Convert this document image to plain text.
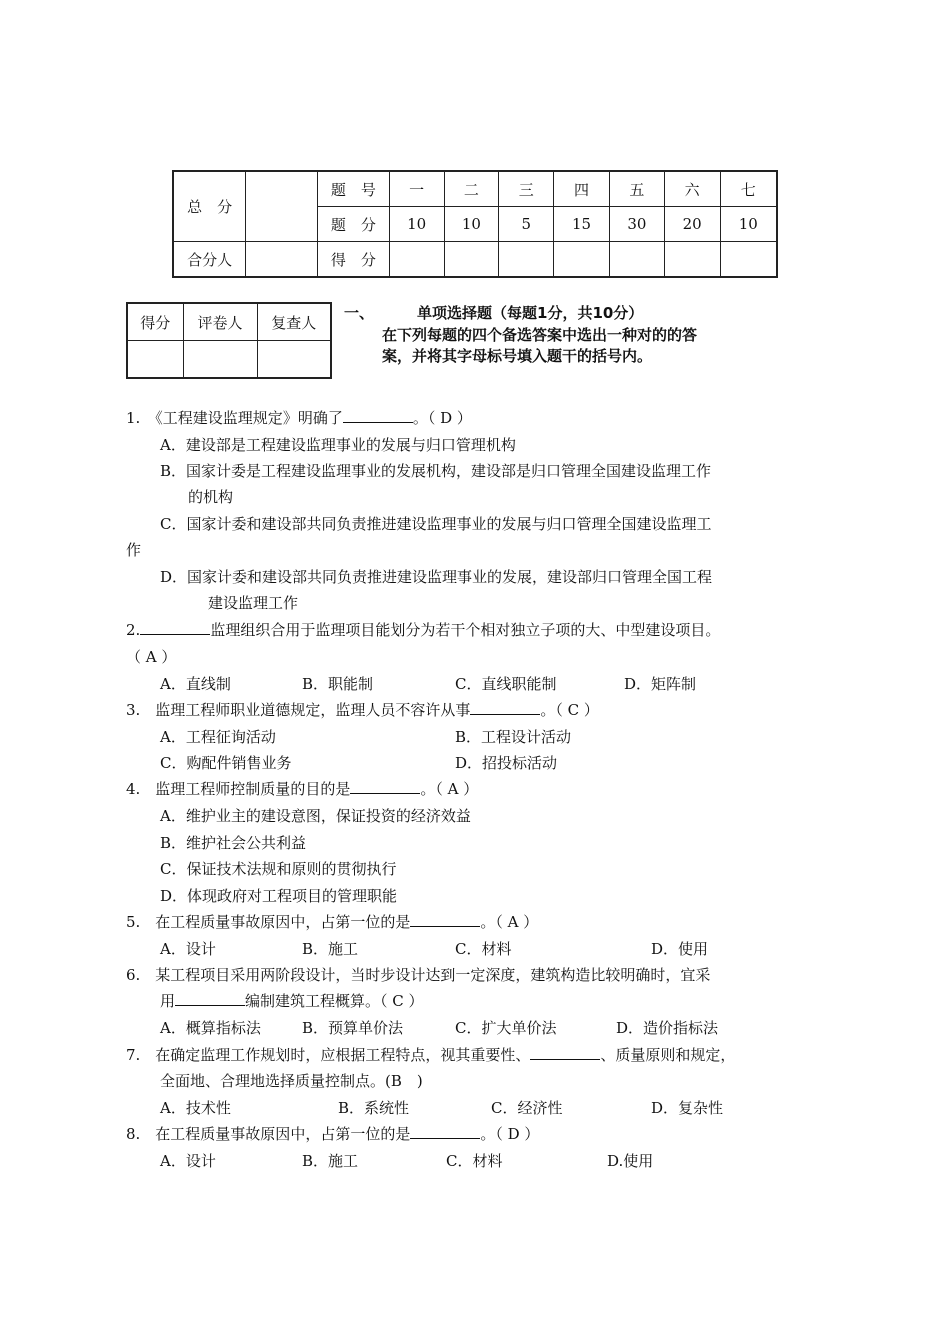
总　分		题　号	一	二	三	四	五	六	七
		题　分	10	10	5	15	30	20	10
合分人		得　分							
得分	评卷人	复查人

一、	单项选择题（每题1分，共10分）
在下列每题的四个备选答案中选出一种对的的答
案，并将其字母标号填入题干的括号内。
1.　《工程建设监理规定》明确了	。（ D ）
A．建设部是工程建设监理事业的发展与归口管理机构
B．国家计委是工程建设监理事业的发展机构，建设部是归口管理全国建设监理工作
的机构
C．国家计委和建设部共同负责推进建设监理事业的发展与归口管理全国建设监理工
作
D．国家计委和建设部共同负责推进建设监理事业的发展，建设部归口管理全国工程
建设监理工作
2.	监理组织合用于监理项目能划分为若干个相对独立子项的大、中型建设项目。
（ A ）
A．直线制	B．职能制	C．直线职能制	D．矩阵制
3.　监理工程师职业道德规定，监理人员不容许从事	。（ C ）
A．工程征询活动	B．工程设计活动
C．购配件销售业务	D．招投标活动
4.　监理工程师控制质量的目的是	。（ A ）
A．维护业主的建设意图，保证投资的经济效益
B．维护社会公共利益
C．保证技术法规和原则的贯彻执行
D．体现政府对工程项目的管理职能
5.　在工程质量事故原因中，占第一位的是	。（ A ）
A．设计	B．施工	C．材料	D．使用
6.　某工程项目采用两阶段设计，当时步设计达到一定深度，建筑构造比较明确时，宜采
用	编制建筑工程概算。（ C ）
A．概算指标法	B．预算单价法	C．扩大单价法	D．造价指标法
7.　在确定监理工作规划时，应根据工程特点，视其重要性、	、质量原则和规定，
全面地、合理地选择质量控制点。(B　)
A．技术性	B．系统性	C．经济性	D．复杂性
8.　在工程质量事故原因中，占第一位的是	。（ D ）
A．设计	B．施工	C．材料	D.使用
